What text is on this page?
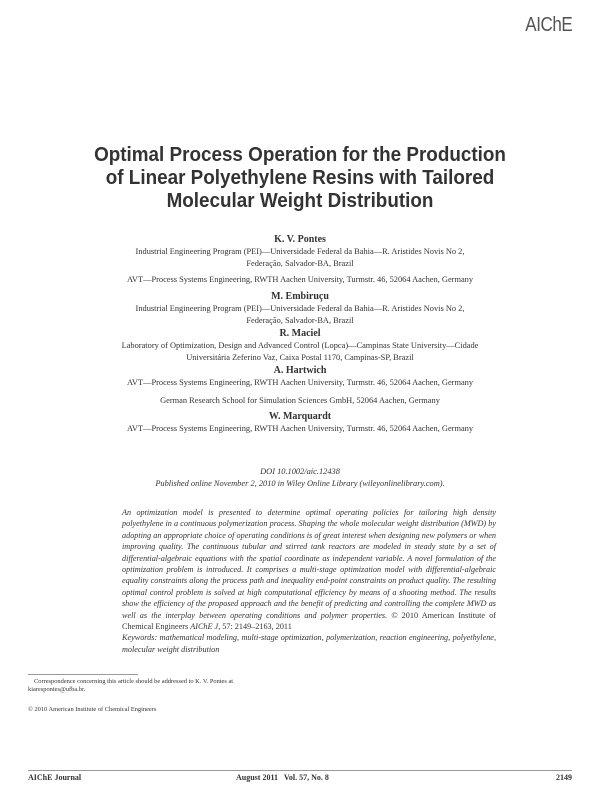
AIChE
Optimal Process Operation for the Production
of Linear Polyethylene Resins with Tailored
Molecular Weight Distribution
K. V. Pontes
Industrial Engineering Program (PEI)—Universidade Federal da Bahia—R. Aristides Novis No 2,
Federação, Salvador-BA, Brazil
AVT—Process Systems Engineering, RWTH Aachen University, Turmstr. 46, 52064 Aachen, Germany
M. Embiruçu
Industrial Engineering Program (PEI)—Universidade Federal da Bahia—R. Aristides Novis No 2,
Federação, Salvador-BA, Brazil
R. Maciel
Laboratory of Optimization, Design and Advanced Control (Lopca)—Campinas State University—Cidade
Universitária Zeferino Vaz, Caixa Postal 1170, Campinas-SP, Brazil
A. Hartwich
AVT—Process Systems Engineering, RWTH Aachen University, Turmstr. 46, 52064 Aachen, Germany
German Research School for Simulation Sciences GmbH, 52064 Aachen, Germany
W. Marquardt
AVT—Process Systems Engineering, RWTH Aachen University, Turmstr. 46, 52064 Aachen, Germany
DOI 10.1002/aic.12438
Published online November 2, 2010 in Wiley Online Library (wileyonlinelibrary.com).
An optimization model is presented to determine optimal operating policies for tailoring high density polyethylene in a continuous polymerization process. Shaping the whole molecular weight distribution (MWD) by adopting an appropriate choice of operating conditions is of great interest when designing new polymers or when improving quality. The continuous tubular and stirred tank reactors are modeled in steady state by a set of differential-algebraic equations with the spatial coordinate as independent variable. A novel formulation of the optimization problem is introduced. It comprises a multi-stage optimization model with differential-algebraic equality constraints along the process path and inequality end-point constraints on product quality. The resulting optimal control problem is solved at high computational efficiency by means of a shooting method. The results show the efficiency of the proposed approach and the benefit of predicting and controlling the complete MWD as well as the interplay between operating conditions and polymer properties. © 2010 American Institute of Chemical Engineers AIChE J, 57: 2149–2163, 2011
Keywords: mathematical modeling, multi-stage optimization, polymerization, reaction engineering, polyethylene, molecular weight distribution
Correspondence concerning this article should be addressed to K. V. Pontes at
kiarespontes@ufba.br.
© 2010 American Institute of Chemical Engineers
AIChE Journal	August 2011   Vol. 57, No. 8	2149
